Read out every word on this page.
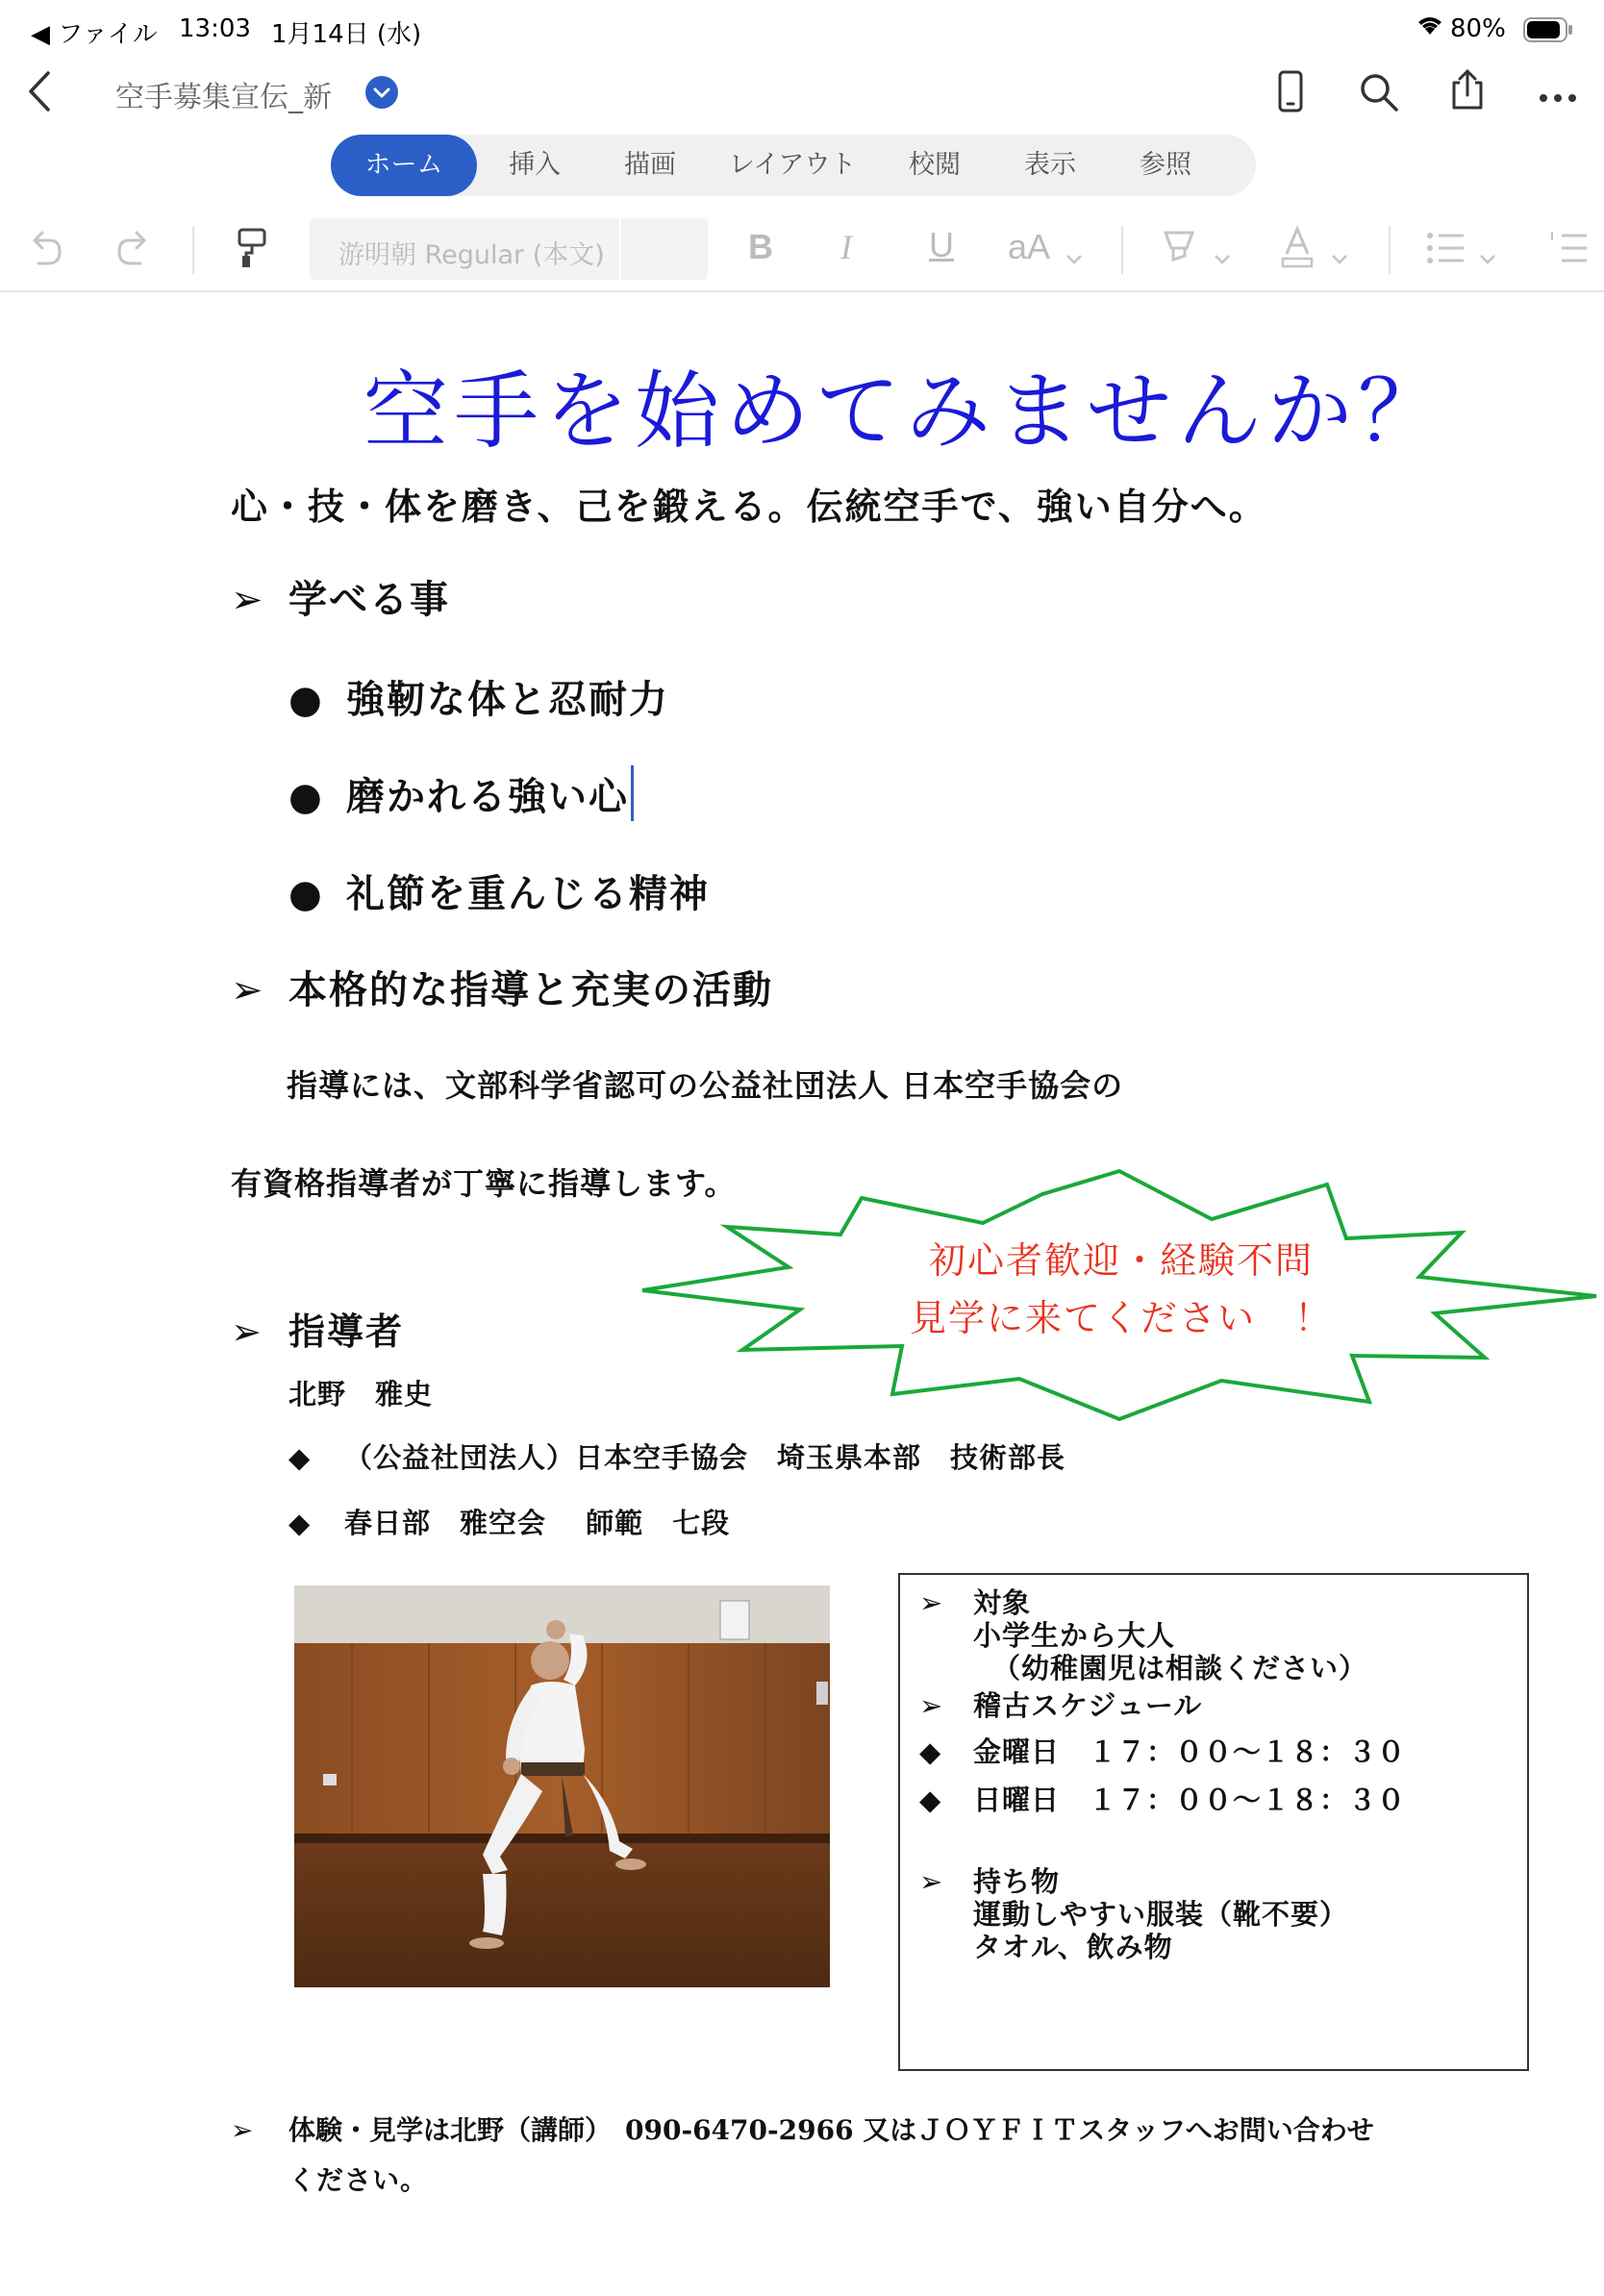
◀ ファイル 13:03 1月14日 (水)	80%
空手募集宣伝_新
ホーム	挿入	描画	レイアウト	校閲	表示	参照
游明朝 Regular (本文)	B I U aA
空手を始めてみませんか？
心・技・体を磨き、己を鍛える。伝統空手で、強い自分へ。
➢ 学べる事
● 強靭な体と忍耐力
● 磨かれる強い心
● 礼節を重んじる精神
➢ 本格的な指導と充実の活動
指導には、文部科学省認可の公益社団法人 日本空手協会の
有資格指導者が丁寧に指導します。
初心者歓迎・経験不問
見学に来てください　！
➢ 指導者
北野　雅史
◆ （公益社団法人）日本空手協会　埼玉県本部　技術部長
◆ 春日部　雅空会　 師範　七段
➢ 対象
小学生から大人
（幼稚園児は相談ください）
➢ 稽古スケジュール
◆ 金曜日　１７：００〜１８：３０
◆ 日曜日　１７：００〜１８：３０
➢ 持ち物
運動しやすい服装（靴不要）
タオル、飲み物
➢ 体験・見学は北野（講師）　090-6470-2966 又はＪＯＹＦＩＴスタッフへお問い合わせ
ください。
